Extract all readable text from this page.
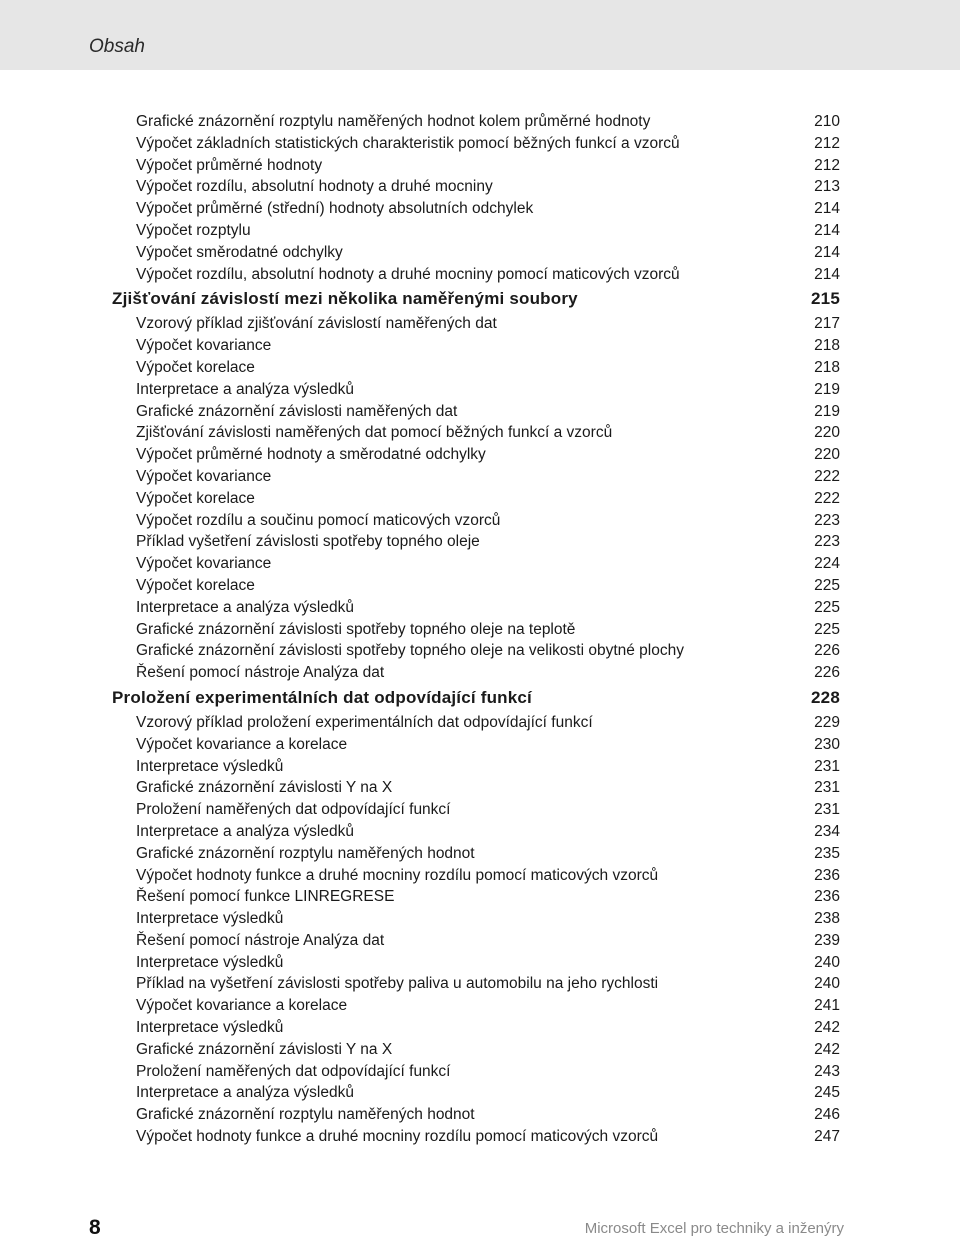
Obsah
Grafické znázornění rozptylu naměřených hodnot kolem průměrné hodnoty	210
Výpočet základních statistických charakteristik pomocí běžných funkcí a vzorců	212
Výpočet průměrné hodnoty	212
Výpočet rozdílu, absolutní hodnoty a druhé mocniny	213
Výpočet průměrné (střední) hodnoty absolutních odchylek	214
Výpočet rozptylu	214
Výpočet směrodatné odchylky	214
Výpočet rozdílu, absolutní hodnoty a druhé mocniny pomocí maticových vzorců	214
Zjišťování závislostí mezi několika naměřenými soubory	215
Vzorový příklad zjišťování závislostí naměřených dat	217
Výpočet kovariance	218
Výpočet korelace	218
Interpretace a analýza výsledků	219
Grafické znázornění závislosti naměřených dat	219
Zjišťování závislosti naměřených dat pomocí běžných funkcí a vzorců	220
Výpočet průměrné hodnoty a směrodatné odchylky	220
Výpočet kovariance	222
Výpočet korelace	222
Výpočet rozdílu a součinu pomocí maticových vzorců	223
Příklad vyšetření závislosti spotřeby topného oleje	223
Výpočet kovariance	224
Výpočet korelace	225
Interpretace a analýza výsledků	225
Grafické znázornění závislosti spotřeby topného oleje na teplotě	225
Grafické znázornění závislosti spotřeby topného oleje na velikosti obytné plochy	226
Řešení pomocí nástroje Analýza dat	226
Proložení experimentálních dat odpovídající funkcí	228
Vzorový příklad proložení experimentálních dat odpovídající funkcí	229
Výpočet kovariance a korelace	230
Interpretace výsledků	231
Grafické znázornění závislosti Y na X	231
Proložení naměřených dat odpovídající funkcí	231
Interpretace a analýza výsledků	234
Grafické znázornění rozptylu naměřených hodnot	235
Výpočet hodnoty funkce a druhé mocniny rozdílu pomocí maticových vzorců	236
Řešení pomocí funkce LINREGRESE	236
Interpretace výsledků	238
Řešení pomocí nástroje Analýza dat	239
Interpretace výsledků	240
Příklad na vyšetření závislosti spotřeby paliva u automobilu na jeho rychlosti	240
Výpočet kovariance a korelace	241
Interpretace výsledků	242
Grafické znázornění závislosti Y na X	242
Proložení naměřených dat odpovídající funkcí	243
Interpretace a analýza výsledků	245
Grafické znázornění rozptylu naměřených hodnot	246
Výpočet hodnoty funkce a druhé mocniny rozdílu pomocí maticových vzorců	247
8	Microsoft Excel pro techniky a inženýry
